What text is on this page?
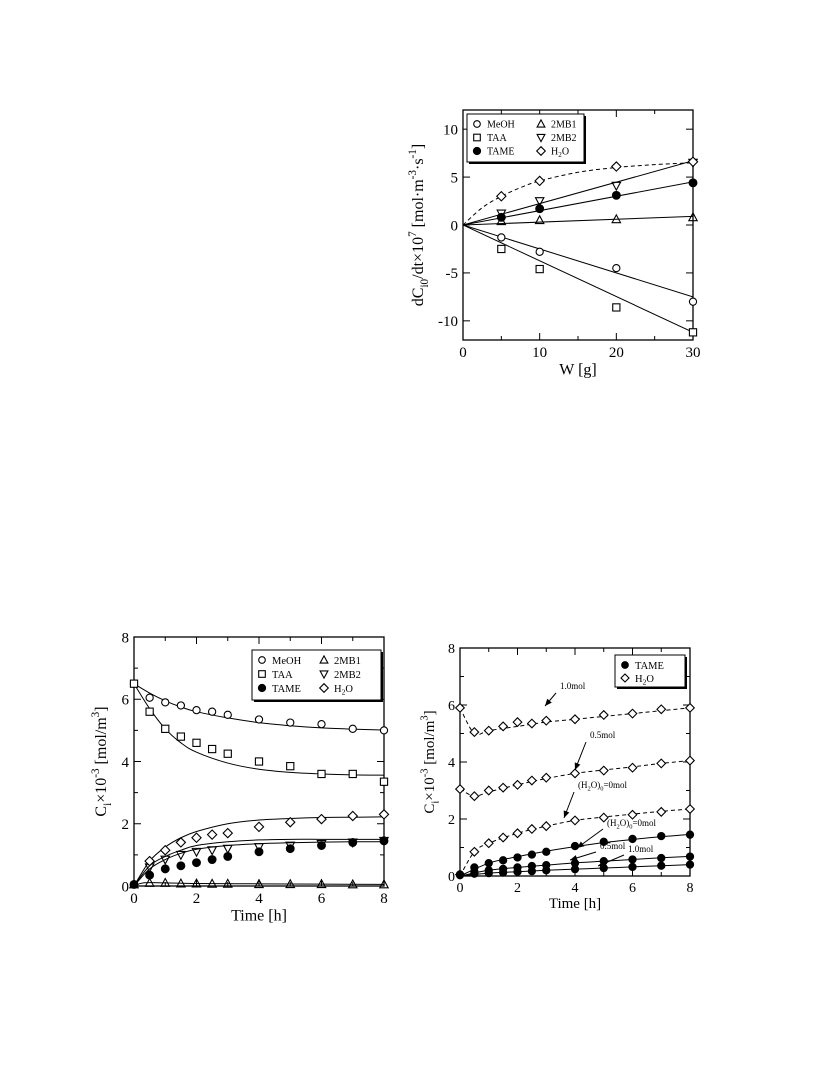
0	10	20	30
-10
-5
0
5
10
W [g]
$dC_{i0}/dt\times 10^7$ $[mol\cdot m^{-3}\cdot s^{-1}]$
MeOH	2MB1
TAA	2MB2
TAME	$H_2O$
0	2	4	6	8
0
2
4
6
8
Time [h]
$C_i\times 10^{-3}$ $[mol/m^3]$
MeOH	2MB1
TAA	2MB2
TAME	$H_2O$
0	2	4	6	8
0
2
4
6
8
Time [h]
$C_i\times 10^{-3}$ $[mol/m^3]$
TAME
$H_2O$
1.0mol
0.5mol
$(H_2O)_0=0mol$
$(H_2O)_0=0mol$
0.5mol 1.0mol
